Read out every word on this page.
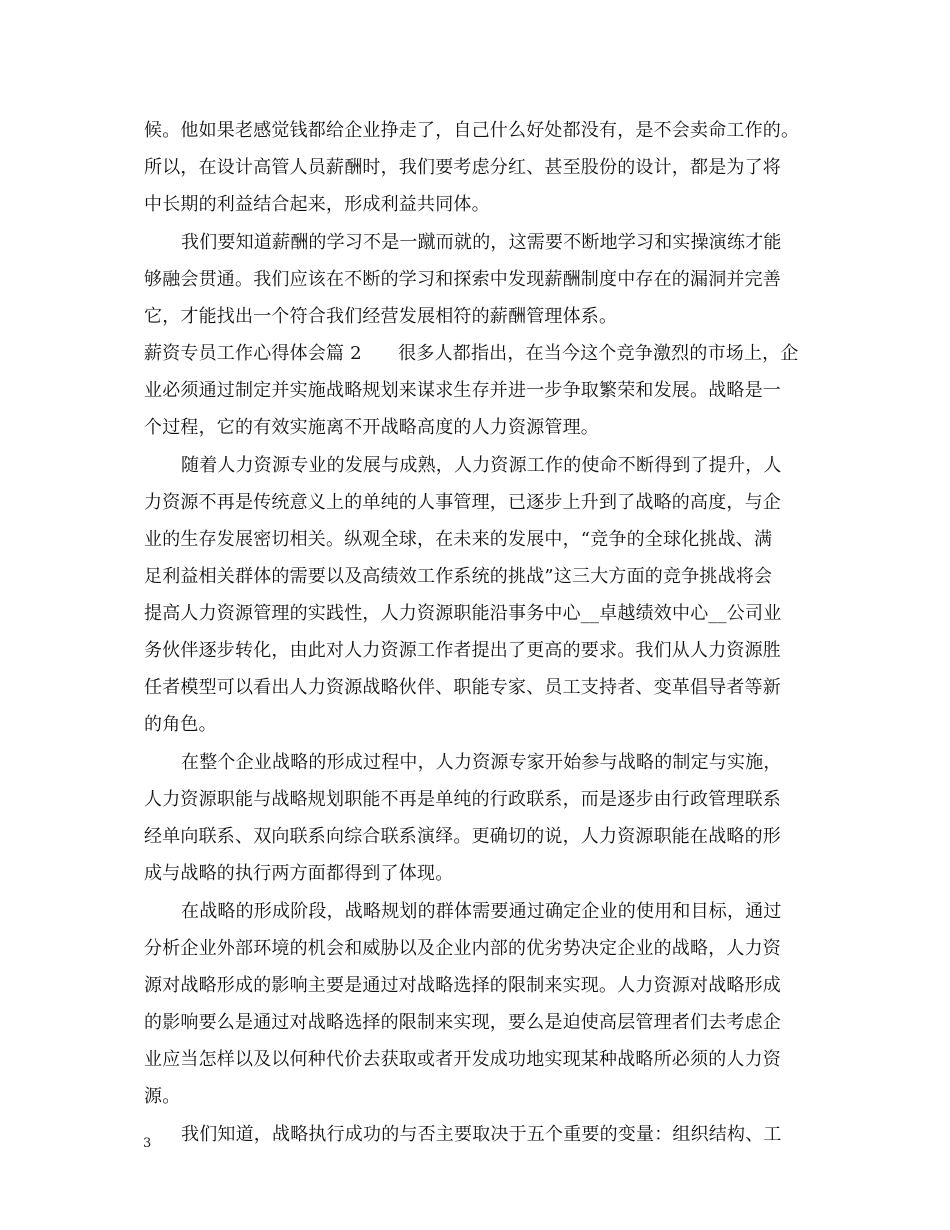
候。他如果老感觉钱都给企业挣走了，自己什么好处都没有，是不会卖命工作的。
所以，在设计高管人员薪酬时，我们要考虑分红、甚至股份的设计，都是为了将
中长期的利益结合起来，形成利益共同体。
我们要知道薪酬的学习不是一蹴而就的，这需要不断地学习和实操演练才能
够融会贯通。我们应该在不断的学习和探索中发现薪酬制度中存在的漏洞并完善
它，才能找出一个符合我们经营发展相符的薪酬管理体系。
薪资专员工作心得体会篇 2　　很多人都指出，在当今这个竞争激烈的市场上，企
业必须通过制定并实施战略规划来谋求生存并进一步争取繁荣和发展。战略是一
个过程，它的有效实施离不开战略高度的人力资源管理。
随着人力资源专业的发展与成熟，人力资源工作的使命不断得到了提升，人
力资源不再是传统意义上的单纯的人事管理，已逐步上升到了战略的高度，与企
业的生存发展密切相关。纵观全球，在未来的发展中，“竞争的全球化挑战、满
足利益相关群体的需要以及高绩效工作系统的挑战”这三大方面的竞争挑战将会
提高人力资源管理的实践性，人力资源职能沿事务中心__卓越绩效中心__公司业
务伙伴逐步转化，由此对人力资源工作者提出了更高的要求。我们从人力资源胜
任者模型可以看出人力资源战略伙伴、职能专家、员工支持者、变革倡导者等新
的角色。
在整个企业战略的形成过程中，人力资源专家开始参与战略的制定与实施，
人力资源职能与战略规划职能不再是单纯的行政联系，而是逐步由行政管理联系
经单向联系、双向联系向综合联系演绎。更确切的说，人力资源职能在战略的形
成与战略的执行两方面都得到了体现。
在战略的形成阶段，战略规划的群体需要通过确定企业的使用和目标，通过
分析企业外部环境的机会和威胁以及企业内部的优劣势决定企业的战略，人力资
源对战略形成的影响主要是通过对战略选择的限制来实现。人力资源对战略形成
的影响要么是通过对战略选择的限制来实现，要么是迫使高层管理者们去考虑企
业应当怎样以及以何种代价去获取或者开发成功地实现某种战略所必须的人力资
源。
我们知道，战略执行成功的与否主要取决于五个重要的变量：组织结构、工
3
